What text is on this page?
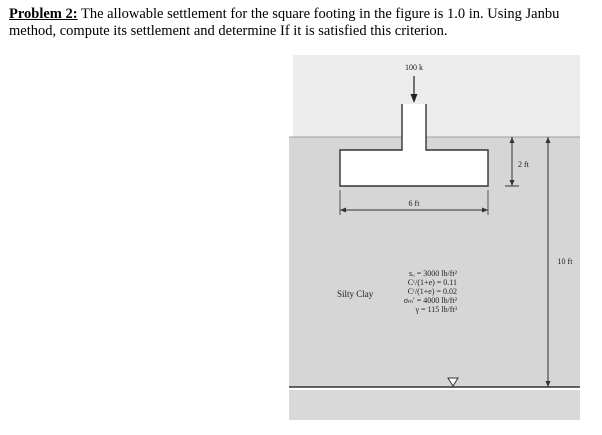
Problem 2: The allowable settlement for the square footing in the figure is 1.0 in. Using Janbu method, compute its settlement and determine If it is satisfied this criterion.
100 k
2 ft
6 ft
10 ft
Silty Clay
sᵤ = 3000 lb/ft²
Cᶜ/(1+e) = 0.11
Cʳ/(1+e) = 0.02
σₘ′ = 4000 lb/ft²
γ = 115 lb/ft³
